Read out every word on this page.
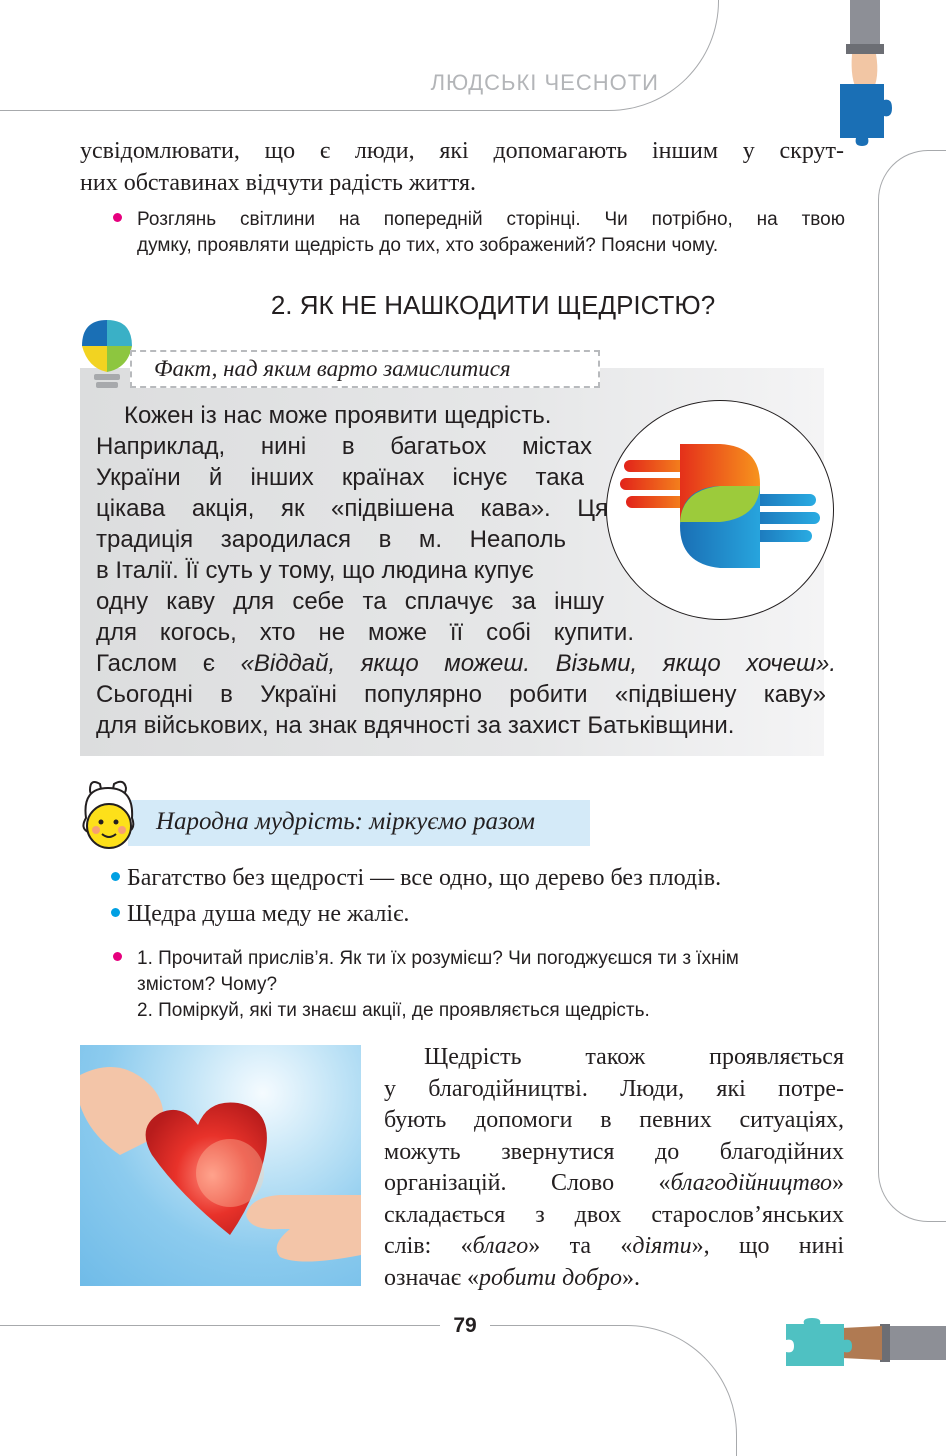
ЛЮДСЬКІ ЧЕСНОТИ
усвідомлювати, що є люди, які допомагають іншим у скрут-
них обставинах відчути радість життя.
Розглянь світлини на попередній сторінці. Чи потрібно, на твою
думку, проявляти щедрість до тих, хто зображений? Поясни чому.
2. ЯК НЕ НАШКОДИТИ ЩЕДРІСТЮ?
Факт, над яким варто замислитися
Кожен із нас може проявити щедрість.
Наприклад, нині в багатьох містах
України й інших країнах існує така
цікава акція, як «підвішена кава». Ця
традиція зародилася в м. Неаполь
в Італії. Її суть у тому, що людина купує
одну каву для себе та сплачує за іншу
для когось, хто не може її собі купити.
Гаслом є «Віддай, якщо можеш. Візьми, якщо хочеш».
Сьогодні в Україні популярно робити «підвішену каву»
для військових, на знак вдячності за захист Батьківщини.
Народна мудрість: міркуємо разом
Багатство без щедрості — все одно, що дерево без плодів.
Щедра душа меду не жаліє.
1. Прочитай прислів’я. Як ти їх розумієш? Чи погоджуєшся ти з їхнім
змістом? Чому?
2. Поміркуй, які ти знаєш акції, де проявляється щедрість.
Щедрість також проявляється
у благодійництві. Люди, які потре-
бують допомоги в певних ситуаціях,
можуть звернутися до благодійних
організацій. Слово «благодійництво»
складається з двох старослов’янських
слів: «благо» та «діяти», що нині
означає «робити добро».
79
